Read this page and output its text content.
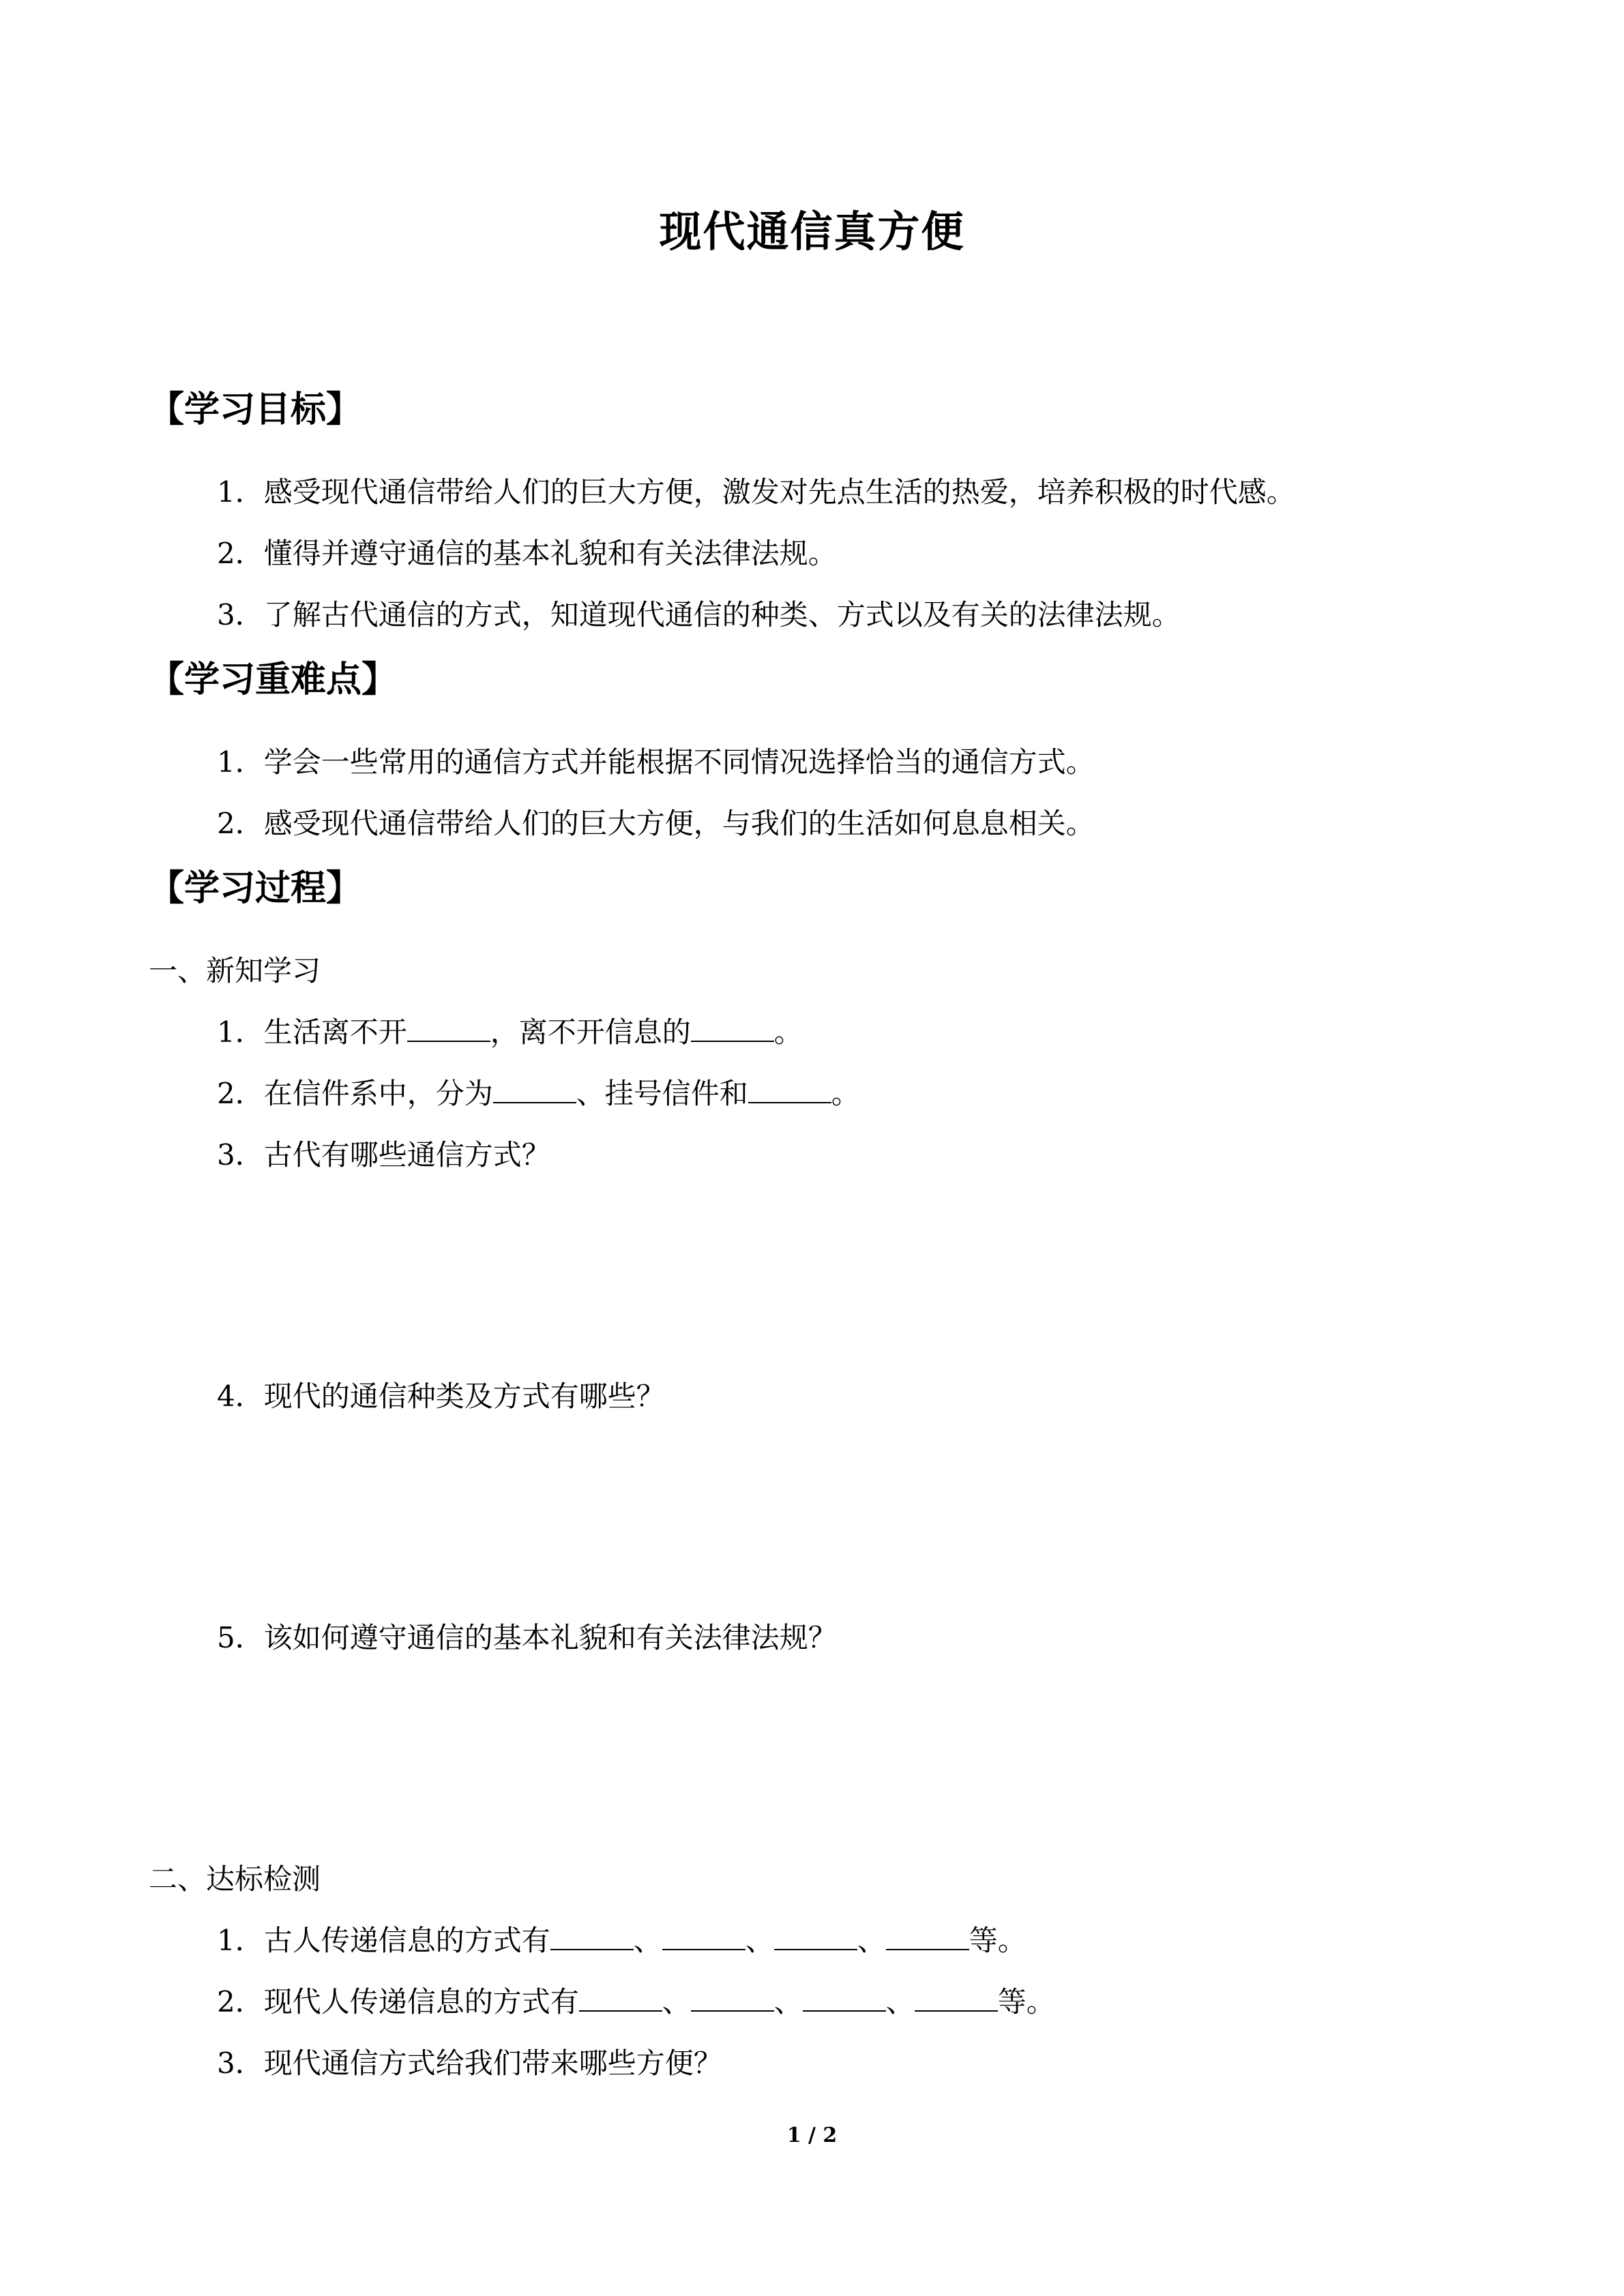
现代通信真方便
【学习目标】
1．感受现代通信带给人们的巨大方便，激发对先点生活的热爱，培养积极的时代感。
2．懂得并遵守通信的基本礼貌和有关法律法规。
3．了解古代通信的方式，知道现代通信的种类、方式以及有关的法律法规。
【学习重难点】
1．学会一些常用的通信方式并能根据不同情况选择恰当的通信方式。
2．感受现代通信带给人们的巨大方便，与我们的生活如何息息相关。
【学习过程】
一、新知学习
1．生活离不开	，离不开信息的	。
2．在信件系中，分为	、挂号信件和	。
3．古代有哪些通信方式？
4．现代的通信种类及方式有哪些？
5．该如何遵守通信的基本礼貌和有关法律法规？
二、达标检测
1．古人传递信息的方式有	、	、	、	等。
2．现代人传递信息的方式有	、	、	、	等。
3．现代通信方式给我们带来哪些方便？
1 / 2
